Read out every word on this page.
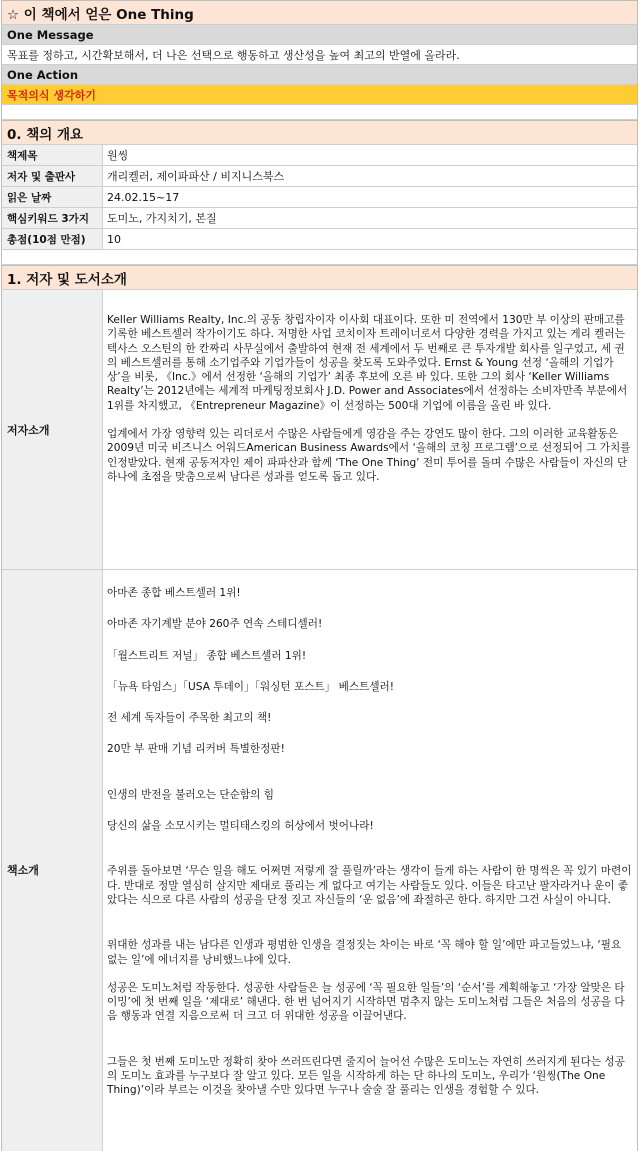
☆ 이 책에서 얻은 One Thing
One Message
목표를 정하고, 시간확보해서, 더 나은 선택으로 행동하고 생산성을 높여 최고의 반열에 올라라.
One Action
목적의식 생각하기
0. 책의 개요
책제목	원씽
저자 및 출판사	개리켈러, 제이파파산 / 비지니스북스
읽은 날짜	24.02.15~17
핵심키워드 3가지	도미노, 가지치기, 본질
총점(10점 만점)	10
1. 저자 및 도서소개
저자소개

Keller Williams Realty, Inc.의 공동 창립자이자 이사회 대표이다. 또한 미 전역에서 130만 부 이상의 판매고를 기록한 베스트셀러 작가이기도 하다. 저명한 사업 코치이자 트레이너로서 다양한 경력을 가지고 있는 게리 켈러는 텍사스 오스틴의 한 칸짜리 사무실에서 출발하여 현재 전 세계에서 두 번째로 큰 투자개발 회사를 일구었고, 세 권의 베스트셀러를 통해 소기업주와 기업가들이 성공을 찾도록 도와주었다. Ernst & Young 선정 ‘올해의 기업가 상’을 비롯, 《Inc.》에서 선정한 ‘올해의 기업가’ 최종 후보에 오른 바 있다. 또한 그의 회사 ‘Keller Williams Realty’는 2012년에는 세계적 마케팅정보회사 J.D. Power and Associates에서 선정하는 소비자만족 부분에서 1위를 차지했고, 《Entrepreneur Magazine》이 선정하는 500대 기업에 이름을 올린 바 있다.

업계에서 가장 영향력 있는 리더로서 수많은 사람들에게 영감을 주는 강연도 많이 한다. 그의 이러한 교육활동은 2009년 미국 비즈니스 어워드American Business Awards에서 ‘올해의 코칭 프로그램’으로 선정되어 그 가치를 인정받았다. 현재 공동저자인 제이 파파산과 함께 ‘The One Thing’ 전미 투어를 돌며 수많은 사람들이 자신의 단 하나에 초점을 맞춤으로써 남다른 성과를 얻도록 돕고 있다.

책소개

아마존 종합 베스트셀러 1위!

아마존 자기계발 분야 260주 연속 스테디셀러!

「월스트리트 저널」 종합 베스트셀러 1위!

「뉴욕 타임스」「USA 투데이」「워싱턴 포스트」 베스트셀러!

전 세계 독자들이 주목한 최고의 책!

20만 부 판매 기념 리커버 특별한정판!

인생의 반전을 불러오는 단순함의 힘

당신의 삶을 소모시키는 멀티태스킹의 허상에서 벗어나라!

주위를 돌아보면 ‘무슨 일을 해도 어쩌면 저렇게 잘 풀릴까’라는 생각이 들게 하는 사람이 한 명씩은 꼭 있기 마련이다. 반대로 정말 열심히 살지만 제대로 풀리는 게 없다고 여기는 사람들도 있다. 이들은 타고난 팔자라거나 운이 좋았다는 식으로 다른 사람의 성공을 단정 짓고 자신들의 ‘운 없음’에 좌절하곤 한다. 하지만 그건 사실이 아니다.

위대한 성과를 내는 남다른 인생과 평범한 인생을 결정짓는 차이는 바로 ‘꼭 해야 할 일’에만 파고들었느냐, ‘필요 없는 일’에 에너지를 낭비했느냐에 있다.

성공은 도미노처럼 작동한다. 성공한 사람들은 늘 성공에 ‘꼭 필요한 일들’의 ‘순서’를 계획해놓고 ‘가장 알맞은 타이밍’에 첫 번째 일을 ‘제대로’ 해낸다. 한 번 넘어지기 시작하면 멈추지 않는 도미노처럼 그들은 처음의 성공을 다음 행동과 연결 지음으로써 더 크고 더 위대한 성공을 이끌어낸다.

그들은 첫 번째 도미노만 정확히 찾아 쓰러뜨린다면 줄지어 늘어선 수많은 도미노는 자연히 쓰러지게 된다는 성공의 도미노 효과를 누구보다 잘 알고 있다. 모든 일을 시작하게 하는 단 하나의 도미노, 우리가 ‘원씽(The One Thing)’이라 부르는 이것을 찾아낼 수만 있다면 누구나 술술 잘 풀리는 인생을 경험할 수 있다.
